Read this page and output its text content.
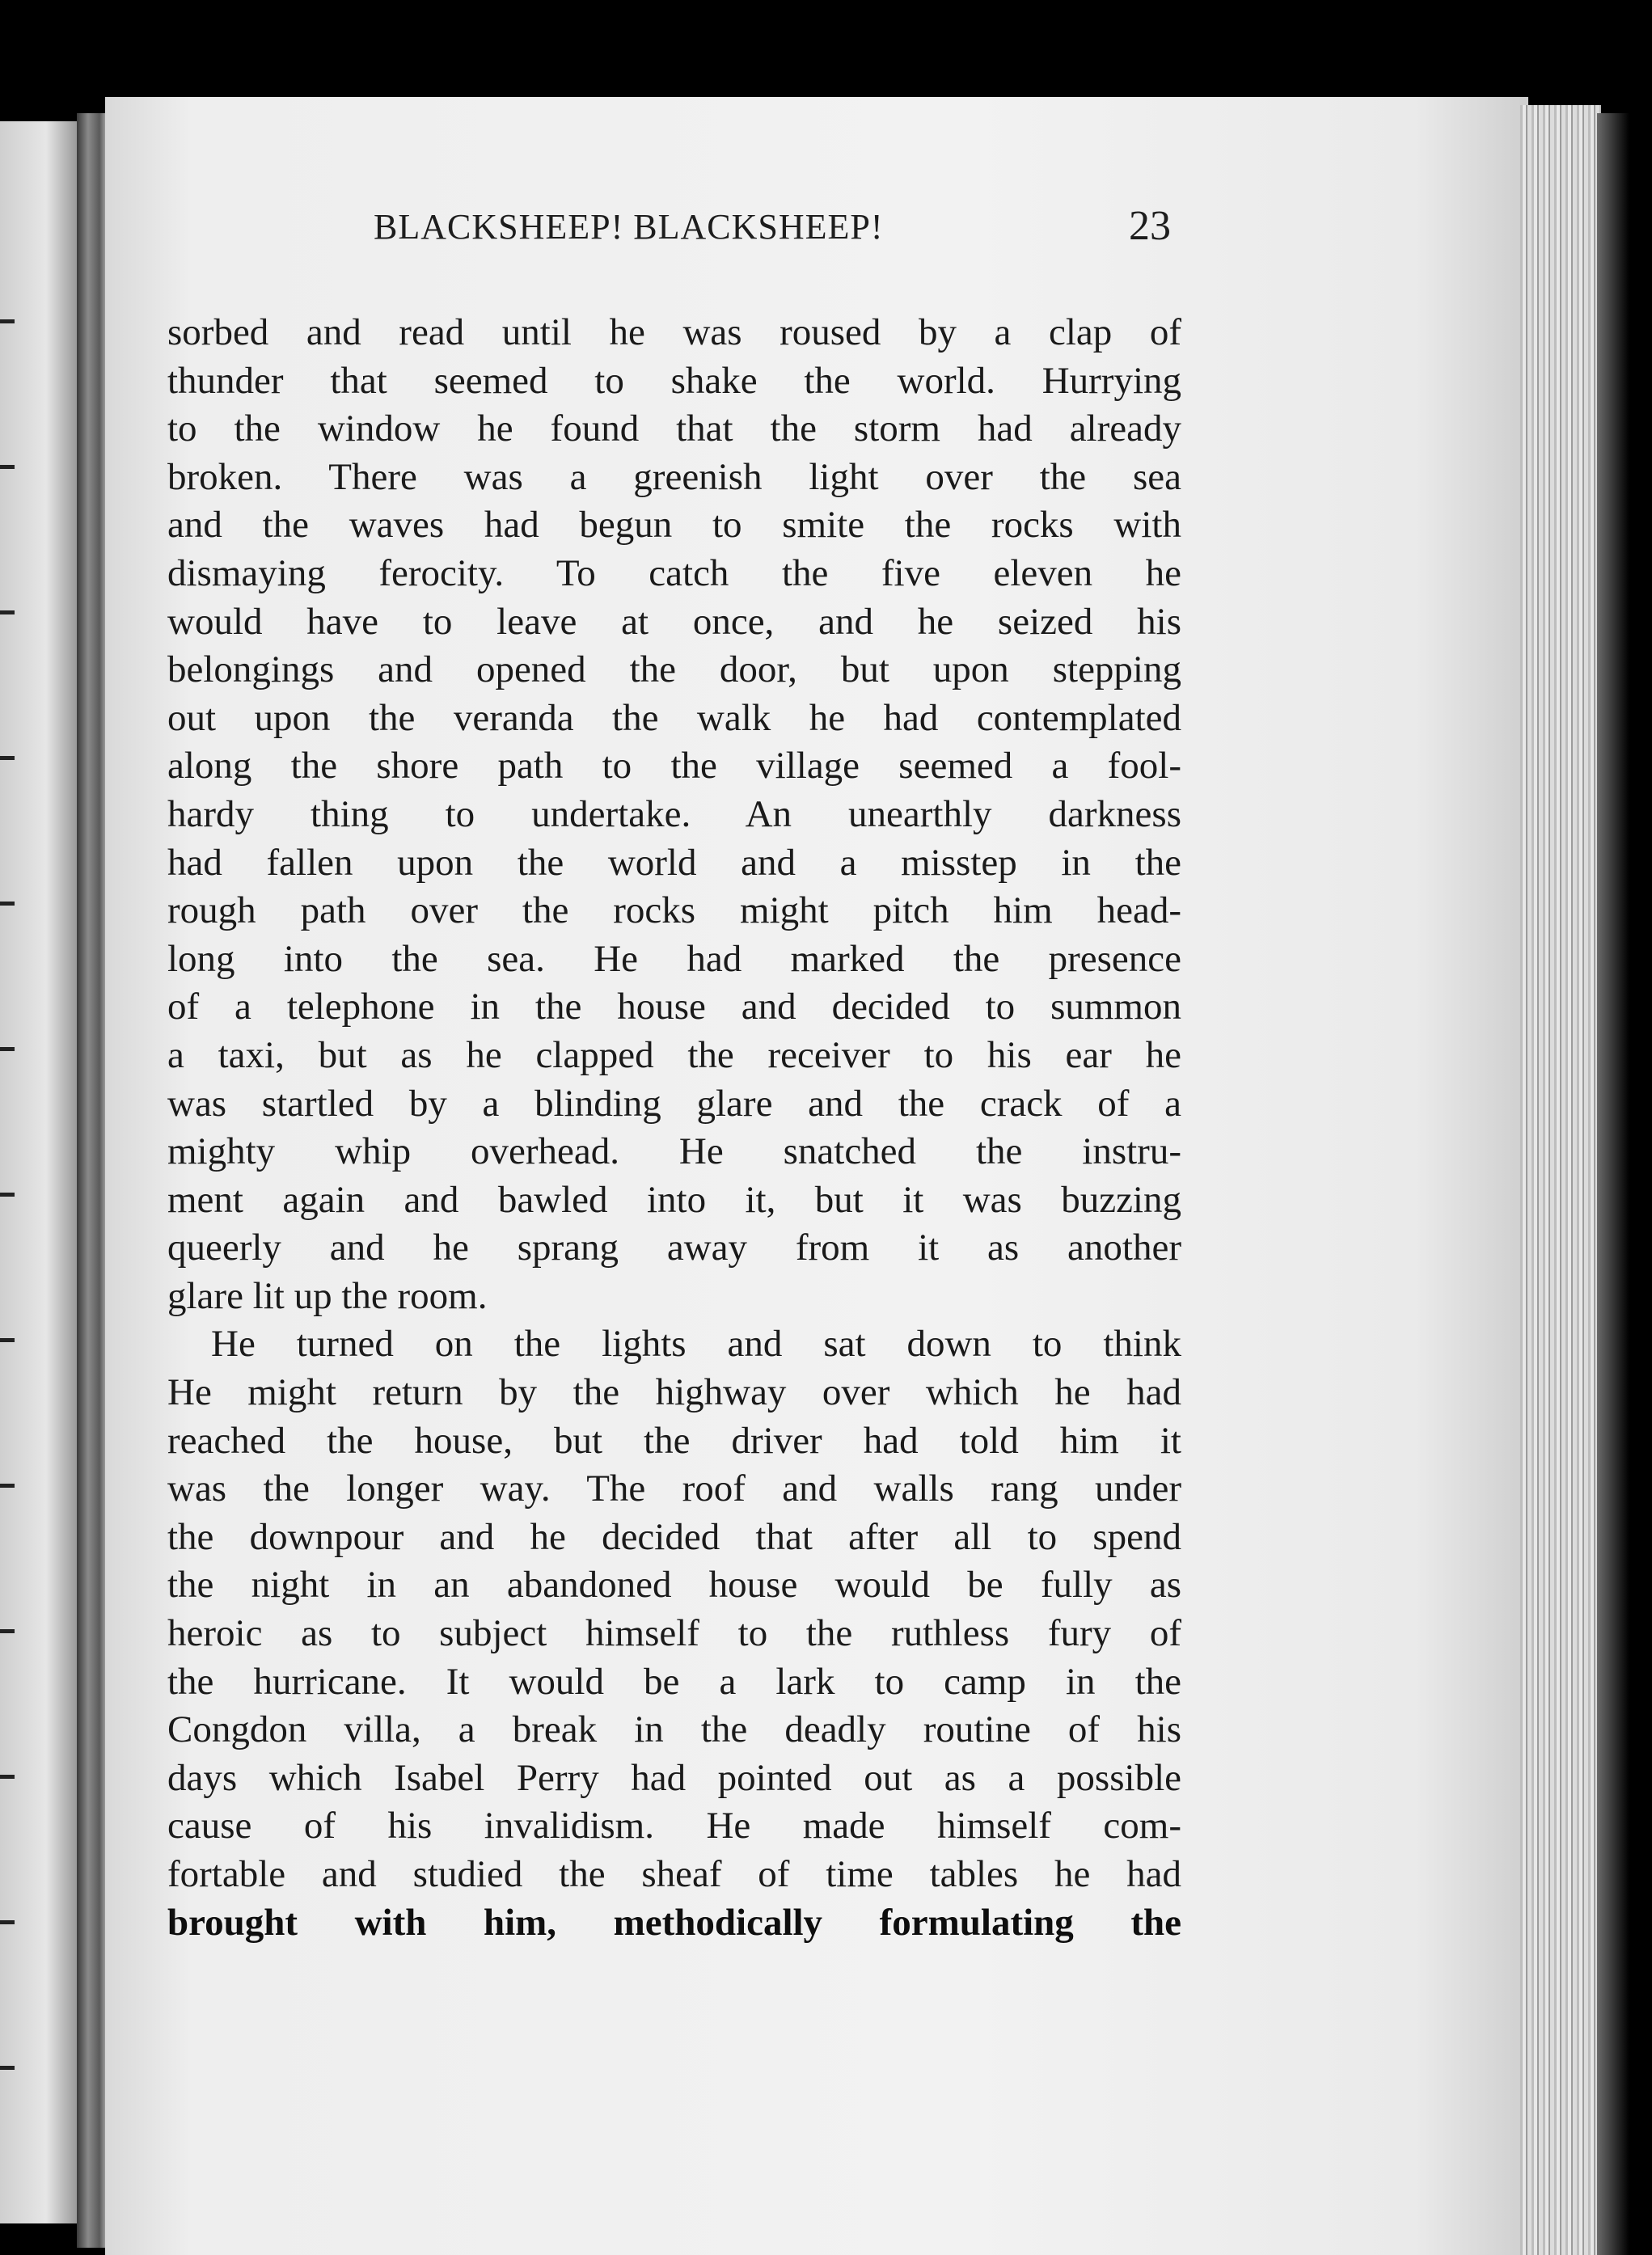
BLACKSHEEP! BLACKSHEEP!	23
sorbed and read until he was roused by a clap of
thunder that seemed to shake the world. Hurrying
to the window he found that the storm had already
broken. There was a greenish light over the sea
and the waves had begun to smite the rocks with
dismaying ferocity. To catch the five eleven he
would have to leave at once, and he seized his
belongings and opened the door, but upon stepping
out upon the veranda the walk he had contemplated
along the shore path to the village seemed a fool-
hardy thing to undertake. An unearthly darkness
had fallen upon the world and a misstep in the
rough path over the rocks might pitch him head-
long into the sea. He had marked the presence
of a telephone in the house and decided to summon
a taxi, but as he clapped the receiver to his ear he
was startled by a blinding glare and the crack of a
mighty whip overhead. He snatched the instru-
ment again and bawled into it, but it was buzzing
queerly and he sprang away from it as another
glare lit up the room.
He turned on the lights and sat down to think
He might return by the highway over which he had
reached the house, but the driver had told him it
was the longer way. The roof and walls rang under
the downpour and he decided that after all to spend
the night in an abandoned house would be fully as
heroic as to subject himself to the ruthless fury of
the hurricane. It would be a lark to camp in the
Congdon villa, a break in the deadly routine of his
days which Isabel Perry had pointed out as a possible
cause of his invalidism. He made himself com-
fortable and studied the sheaf of time tables he had
brought with him, methodically formulating the
